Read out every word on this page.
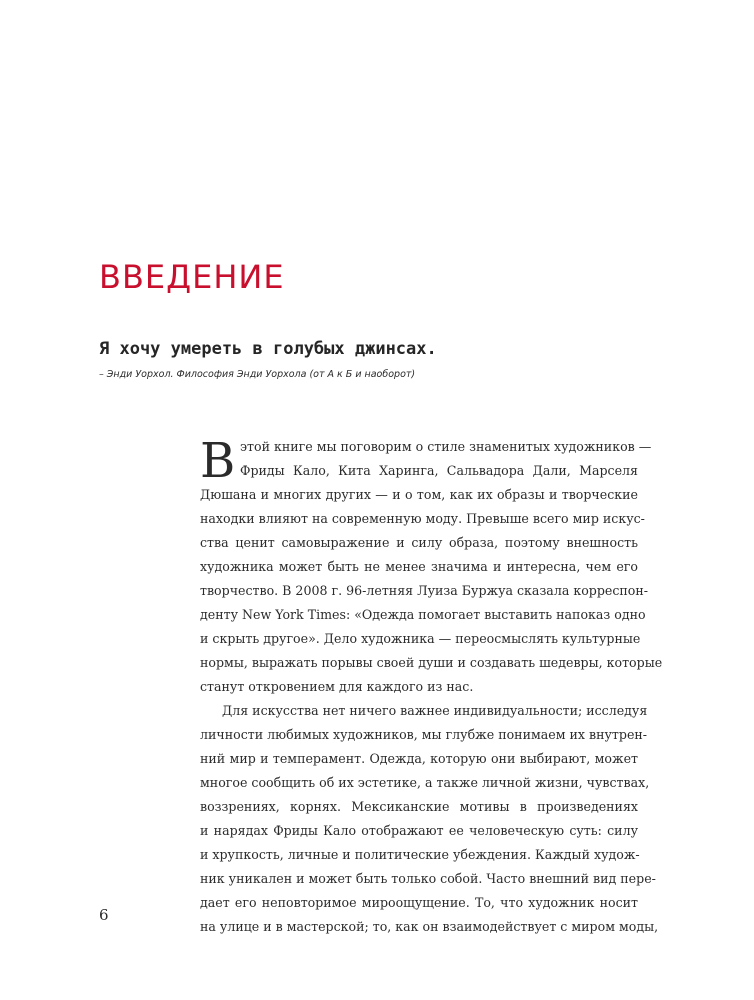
ВВЕДЕНИЕ

Я хочу умереть в голубых джинсах.

– Энди Уорхол. Философия Энди Уорхола (от А к Б и наоборот)

В этой книге мы поговорим о стиле знаменитых художников —
Фриды Кало, Кита Харинга, Сальвадора Дали, Марселя
Дюшана и многих других — и о том, как их образы и творческие
находки влияют на современную моду. Превыше всего мир искус-
ства ценит самовыражение и силу образа, поэтому внешность
художника может быть не менее значима и интересна, чем его
творчество. В 2008 г. 96-летняя Луиза Буржуа сказала корреспон-
денту New York Times: «Одежда помогает выставить напоказ одно
и скрыть другое». Дело художника — переосмыслять культурные
нормы, выражать порывы своей души и создавать шедевры, которые
станут откровением для каждого из нас.
Для искусства нет ничего важнее индивидуальности; исследуя
личности любимых художников, мы глубже понимаем их внутрен-
ний мир и темперамент. Одежда, которую они выбирают, может
многое сообщить об их эстетике, а также личной жизни, чувствах,
воззрениях, корнях. Мексиканские мотивы в произведениях
и нарядах Фриды Кало отображают ее человеческую суть: силу
и хрупкость, личные и политические убеждения. Каждый худож-
ник уникален и может быть только собой. Часто внешний вид пере-
дает его неповторимое мироощущение. То, что художник носит
на улице и в мастерской; то, как он взаимодействует с миром моды,

6
